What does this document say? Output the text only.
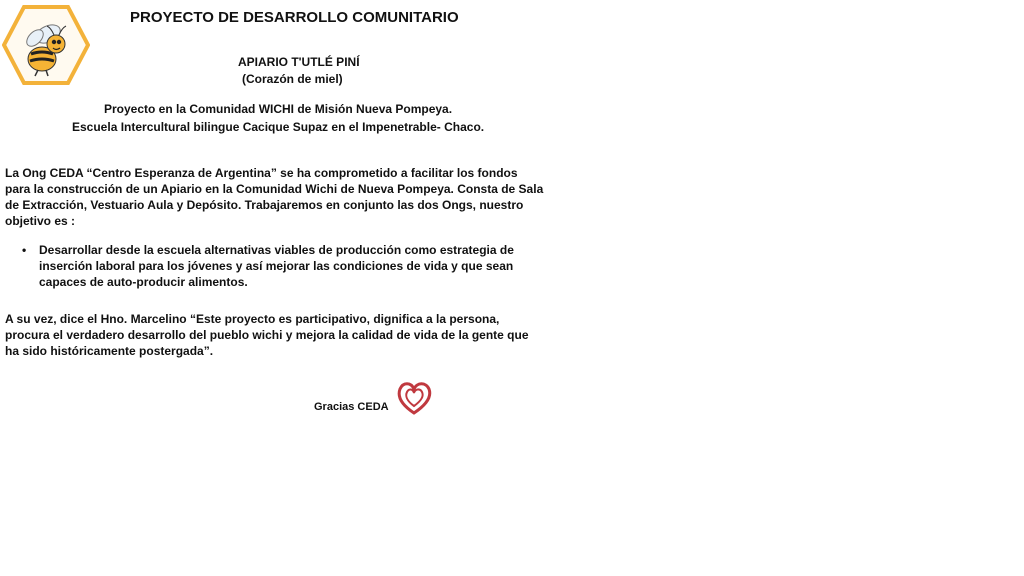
PROYECTO DE DESARROLLO COMUNITARIO
APIARIO T'UTLÉ PINÍ
(Corazón de miel)
Proyecto en la Comunidad WICHI de Misión Nueva Pompeya.
Escuela Intercultural bilingue Cacique Supaz en el Impenetrable- Chaco.
La Ong CEDA “Centro Esperanza de Argentina” se ha comprometido a facilitar los fondos para la construcción de un Apiario en la Comunidad Wichi de Nueva Pompeya. Consta de Sala de Extracción, Vestuario Aula y Depósito. Trabajaremos en conjunto las dos Ongs, nuestro objetivo es :
• Desarrollar desde la escuela alternativas viables de producción como estrategia de inserción laboral para los jóvenes y así mejorar las condiciones de vida y que sean capaces de auto-producir alimentos.
A su vez, dice el Hno. Marcelino “Este proyecto es participativo, dignifica a la persona, procura el verdadero desarrollo del pueblo wichi y mejora la calidad de vida de la gente que ha sido históricamente postergada”.
Gracias CEDA
